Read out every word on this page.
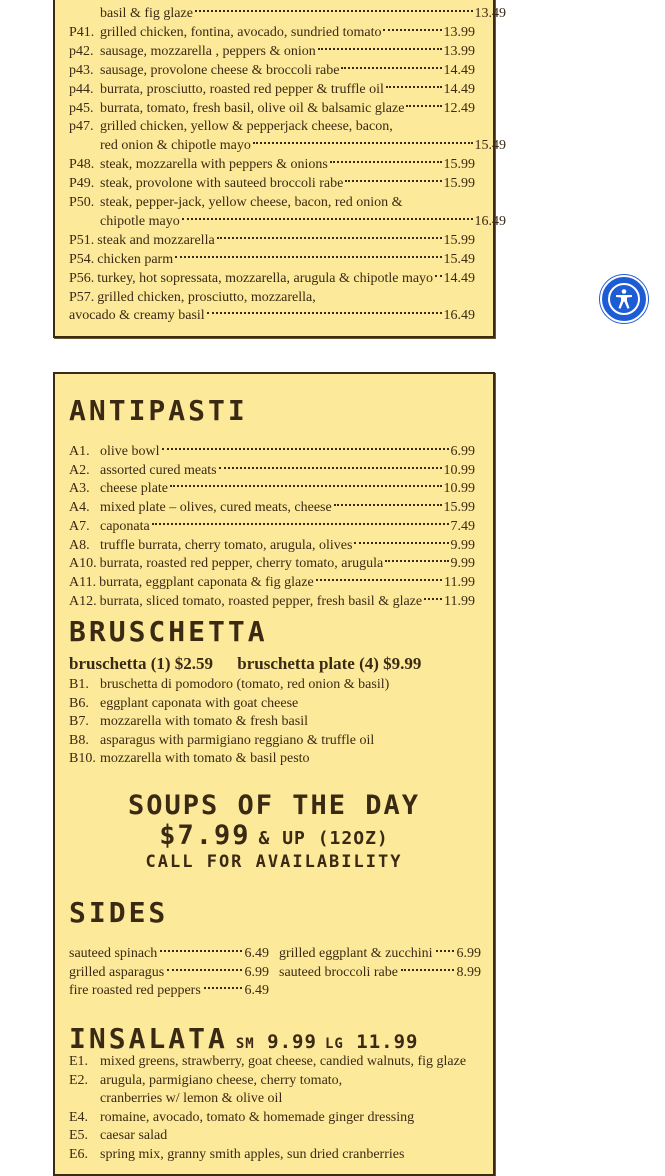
basil & fig glaze	13.49
P41. grilled chicken, fontina, avocado, sundried tomato	13.99
p42. sausage, mozzarella , peppers & onion	13.99
p43. sausage, provolone cheese & broccoli rabe	14.49
p44. burrata, prosciutto, roasted red pepper & truffle oil	14.49
p45. burrata, tomato, fresh basil, olive oil & balsamic glaze	12.49
p47. grilled chicken, yellow & pepperjack cheese, bacon,
red onion & chipotle mayo	15.49
P48. steak, mozzarella with peppers & onions	15.99
P49. steak, provolone with sauteed broccoli rabe	15.99
P50. steak, pepper-jack, yellow cheese, bacon, red onion &
chipotle mayo	16.49
P51. steak and mozzarella	15.99
P54. chicken parm	15.49
P56. turkey, hot sopressata, mozzarella, arugula & chipotle mayo 14.49
P57. grilled chicken, prosciutto, mozzarella,
avocado & creamy basil	16.49
ANTIPASTI
A1. olive bowl	6.99
A2. assorted cured meats	10.99
A3. cheese plate	10.99
A4. mixed plate – olives, cured meats, cheese	15.99
A7. caponata	7.49
A8. truffle burrata, cherry tomato, arugula, olives	9.99
A10. burrata, roasted red pepper, cherry tomato, arugula	9.99
A11. burrata, eggplant caponata & fig glaze	11.99
A12. burrata, sliced tomato, roasted pepper, fresh basil & glaze 11.99
BRUSCHETTA
bruschetta (1) $2.59 bruschetta plate (4) $9.99
B1. bruschetta di pomodoro (tomato, red onion & basil)
B6. eggplant caponata with goat cheese
B7. mozzarella with tomato & fresh basil
B8. asparagus with parmigiano reggiano & truffle oil
B10. mozzarella with tomato & basil pesto
SOUPS OF THE DAY
$7.99 & UP (12OZ)
CALL FOR AVAILABILITY
SIDES
sauteed spinach	6.49 grilled eggplant & zucchini 6.99
grilled asparagus	6.99 sauteed broccoli rabe	8.99
fire roasted red peppers	6.49
INSALATA SM 9.99 LG 11.99
E1. mixed greens, strawberry, goat cheese, candied walnuts, fig glaze
E2. arugula, parmigiano cheese, cherry tomato,
cranberries w/ lemon & olive oil
E4. romaine, avocado, tomato & homemade ginger dressing
E5. caesar salad
E6. spring mix, granny smith apples, sun dried cranberries
